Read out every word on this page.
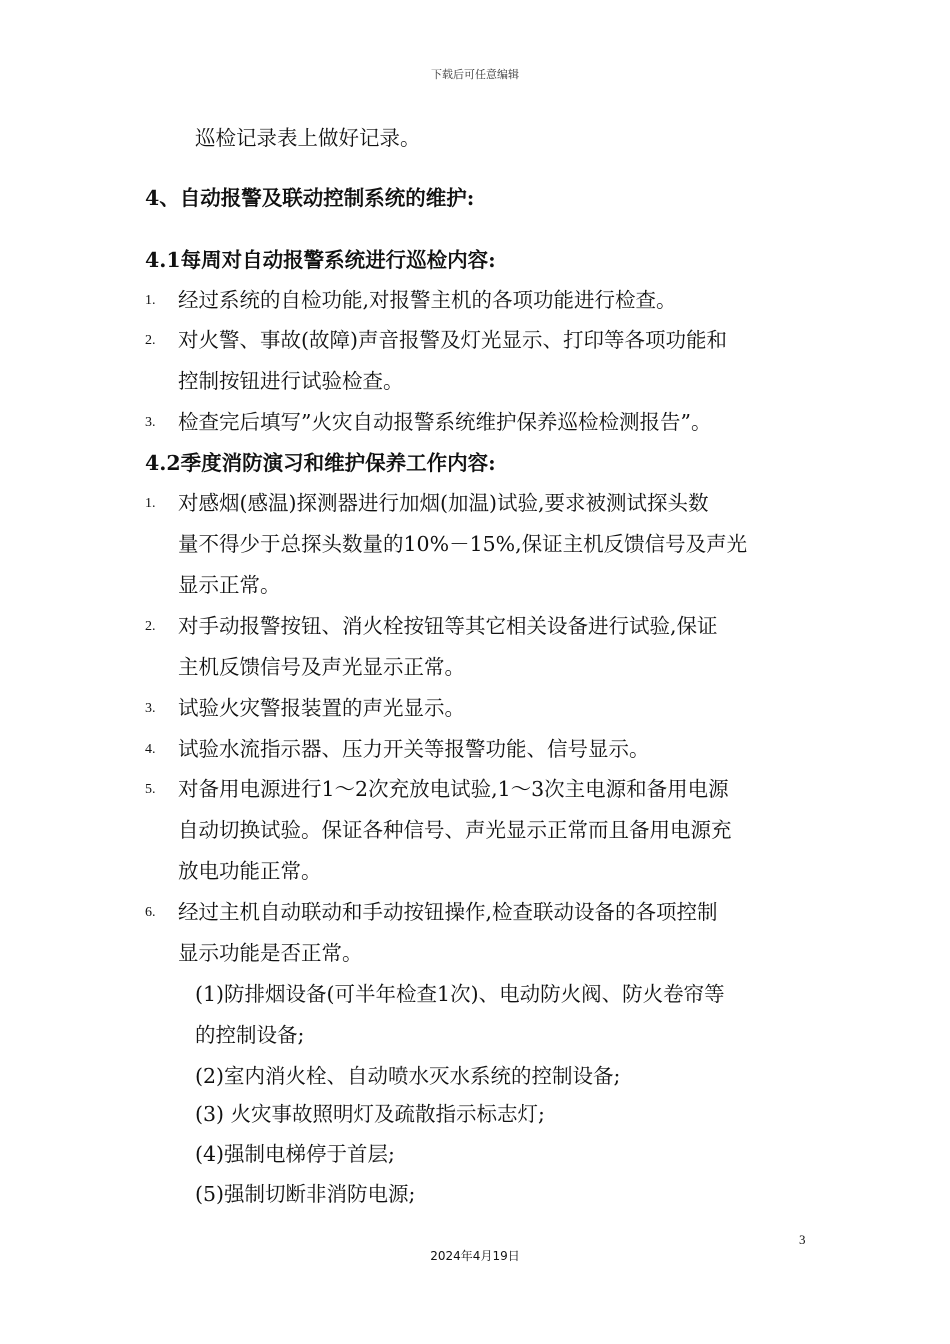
下载后可任意编辑
巡检记录表上做好记录。
4、自动报警及联动控制系统的维护:
4.1每周对自动报警系统进行巡检内容:
1. 经过系统的自检功能,对报警主机的各项功能进行检查。
2. 对火警、事故(故障)声音报警及灯光显示、打印等各项功能和
控制按钮进行试验检查。
3. 检查完后填写”火灾自动报警系统维护保养巡检检测报告”。
4.2季度消防演习和维护保养工作内容:
1. 对感烟(感温)探测器进行加烟(加温)试验,要求被测试探头数
量不得少于总探头数量的10%－15%,保证主机反馈信号及声光
显示正常。
2. 对手动报警按钮、消火栓按钮等其它相关设备进行试验,保证
主机反馈信号及声光显示正常。
3. 试验火灾警报装置的声光显示。
4. 试验水流指示器、压力开关等报警功能、信号显示。
5. 对备用电源进行1～2次充放电试验,1～3次主电源和备用电源
自动切换试验。保证各种信号、声光显示正常而且备用电源充
放电功能正常。
6. 经过主机自动联动和手动按钮操作,检查联动设备的各项控制
显示功能是否正常。
(1)防排烟设备(可半年检查1次)、电动防火阀、防火卷帘等
的控制设备;
(2)室内消火栓、自动喷水灭水系统的控制设备;
(3) 火灾事故照明灯及疏散指示标志灯;
(4)强制电梯停于首层;
(5)强制切断非消防电源;
3
2024年4月19日
